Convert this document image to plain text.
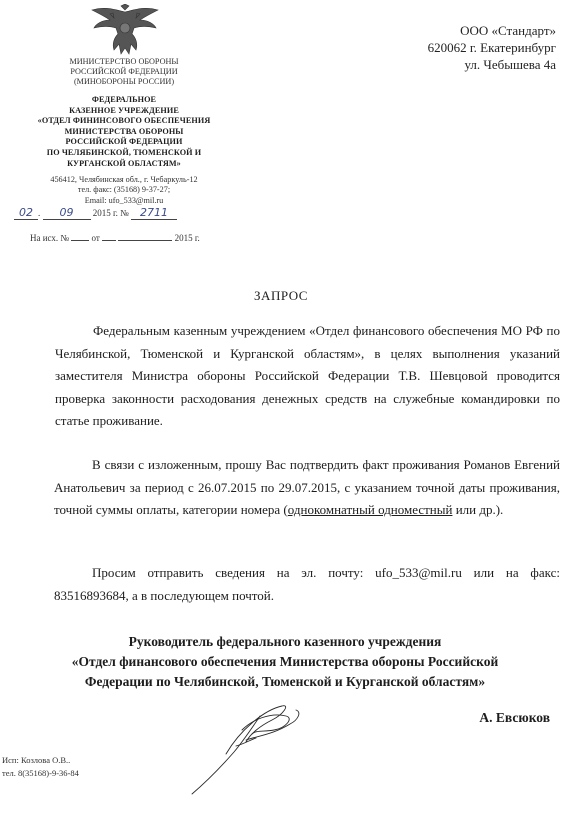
МИНИСТЕРСТВО ОБОРОНЫ
РОССИЙСКОЙ ФЕДЕРАЦИИ
(МИНОБОРОНЫ РОССИИ)
ФЕДЕРАЛЬНОЕ
КАЗЕННОЕ УЧРЕЖДЕНИЕ
«ОТДЕЛ ФИНИНСОВОГО ОБЕСПЕЧЕНИЯ
МИНИСТЕРСТВА ОБОРОНЫ
РОССИЙСКОЙ ФЕДЕРАЦИИ
ПО ЧЕЛЯБИНСКОЙ, ТЮМЕНСКОЙ И
КУРГАНСКОЙ ОБЛАСТЯМ»
456412, Челябинская обл., г. Чебаркуль-12
тел. факс: (35168) 9-37-27;
Email: ufo_533@mil.ru
02 . 09 2015 г. № 2711
На исх. №	от	2015 г.
ООО «Стандарт»
620062 г. Екатеринбург
ул. Чебышева 4а
ЗАПРОС

Федеральным казенным учреждением «Отдел финансового обеспечения МО РФ по Челябинской, Тюменской и Курганской областям», в целях выполнения указаний заместителя Министра обороны Российской Федерации Т.В. Шевцовой проводится проверка законности расходования денежных средств на служебные командировки по статье проживание.

В связи с изложенным, прошу Вас подтвердить факт проживания Романов Евгений Анатольевич за период с 26.07.2015 по 29.07.2015, с указанием точной даты проживания, точной суммы оплаты, категории номера (однокомнатный одноместный или др.).

Просим отправить сведения на эл. почту: ufo_533@mil.ru или на факс: 83516893684, а в последующем почтой.

Руководитель федерального казенного учреждения
«Отдел финансового обеспечения Министерства обороны Российской
Федерации по Челябинской, Тюменской и Курганской областям»
А. Евсюков
Исп: Козлова О.В..
тел. 8(35168)-9-36-84
